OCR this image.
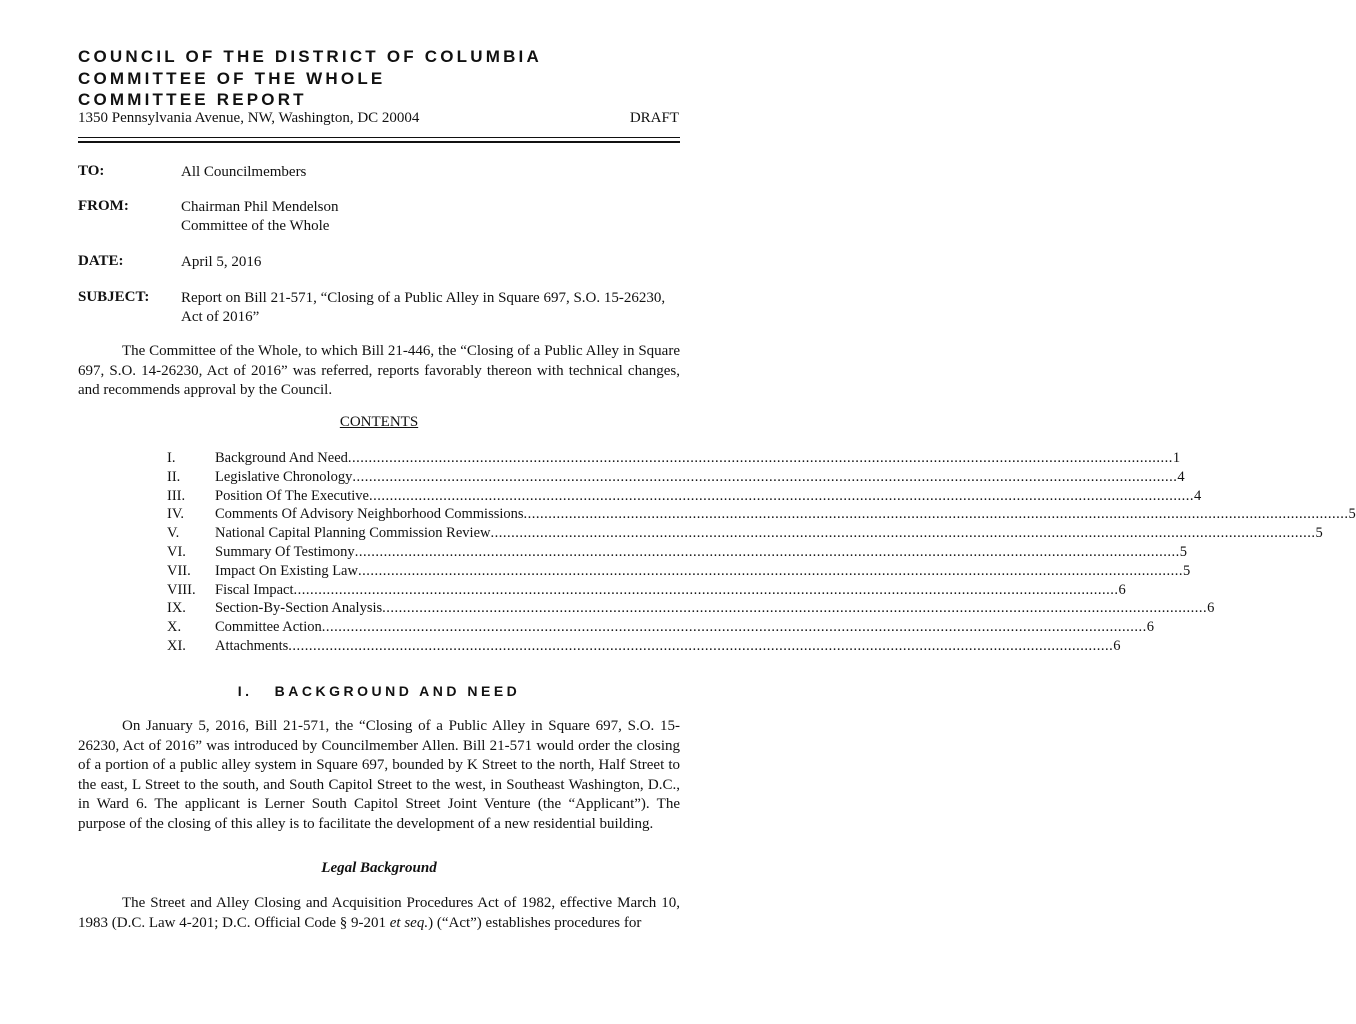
COUNCIL OF THE DISTRICT OF COLUMBIA
COMMITTEE OF THE WHOLE
COMMITTEE REPORT
1350 Pennsylvania Avenue, NW, Washington, DC 20004	DRAFT
TO:	All Councilmembers
FROM:	Chairman Phil Mendelson
Committee of the Whole
DATE:	April 5, 2016
SUBJECT: Report on Bill 21-571, “Closing of a Public Alley in Square 697, S.O. 15-26230,
Act of 2016”
The Committee of the Whole, to which Bill 21-446, the “Closing of a Public Alley in Square 697, S.O. 14-26230, Act of 2016” was referred, reports favorably thereon with technical changes, and recommends approval by the Council.
CONTENTS
I.	Background And Need ........................................................................................................................................................................................................ 1
II.	Legislative Chronology ........................................................................................................................................................................................................ 4
III.	Position Of The Executive ........................................................................................................................................................................................................ 4
IV.	Comments Of Advisory Neighborhood Commissions ........................................................................................................................................................................................................ 5
V.	National Capital Planning Commission Review ........................................................................................................................................................................................................ 5
VI.	Summary Of Testimony ........................................................................................................................................................................................................ 5
VII.	Impact On Existing Law ........................................................................................................................................................................................................ 5
VIII.	Fiscal Impact ........................................................................................................................................................................................................ 6
IX.	Section-By-Section Analysis ........................................................................................................................................................................................................ 6
X.	Committee Action ........................................................................................................................................................................................................ 6
XI.	Attachments ........................................................................................................................................................................................................ 6
I.   BACKGROUND AND NEED
On January 5, 2016, Bill 21-571, the “Closing of a Public Alley in Square 697, S.O. 15-26230, Act of 2016” was introduced by Councilmember Allen. Bill 21-571 would order the closing of a portion of a public alley system in Square 697, bounded by K Street to the north, Half Street to the east, L Street to the south, and South Capitol Street to the west, in Southeast Washington, D.C., in Ward 6. The applicant is Lerner South Capitol Street Joint Venture (the “Applicant”). The purpose of the closing of this alley is to facilitate the development of a new residential building.
Legal Background
The Street and Alley Closing and Acquisition Procedures Act of 1982, effective March 10, 1983 (D.C. Law 4-201; D.C. Official Code § 9-201 et seq.) (“Act”) establishes procedures for
